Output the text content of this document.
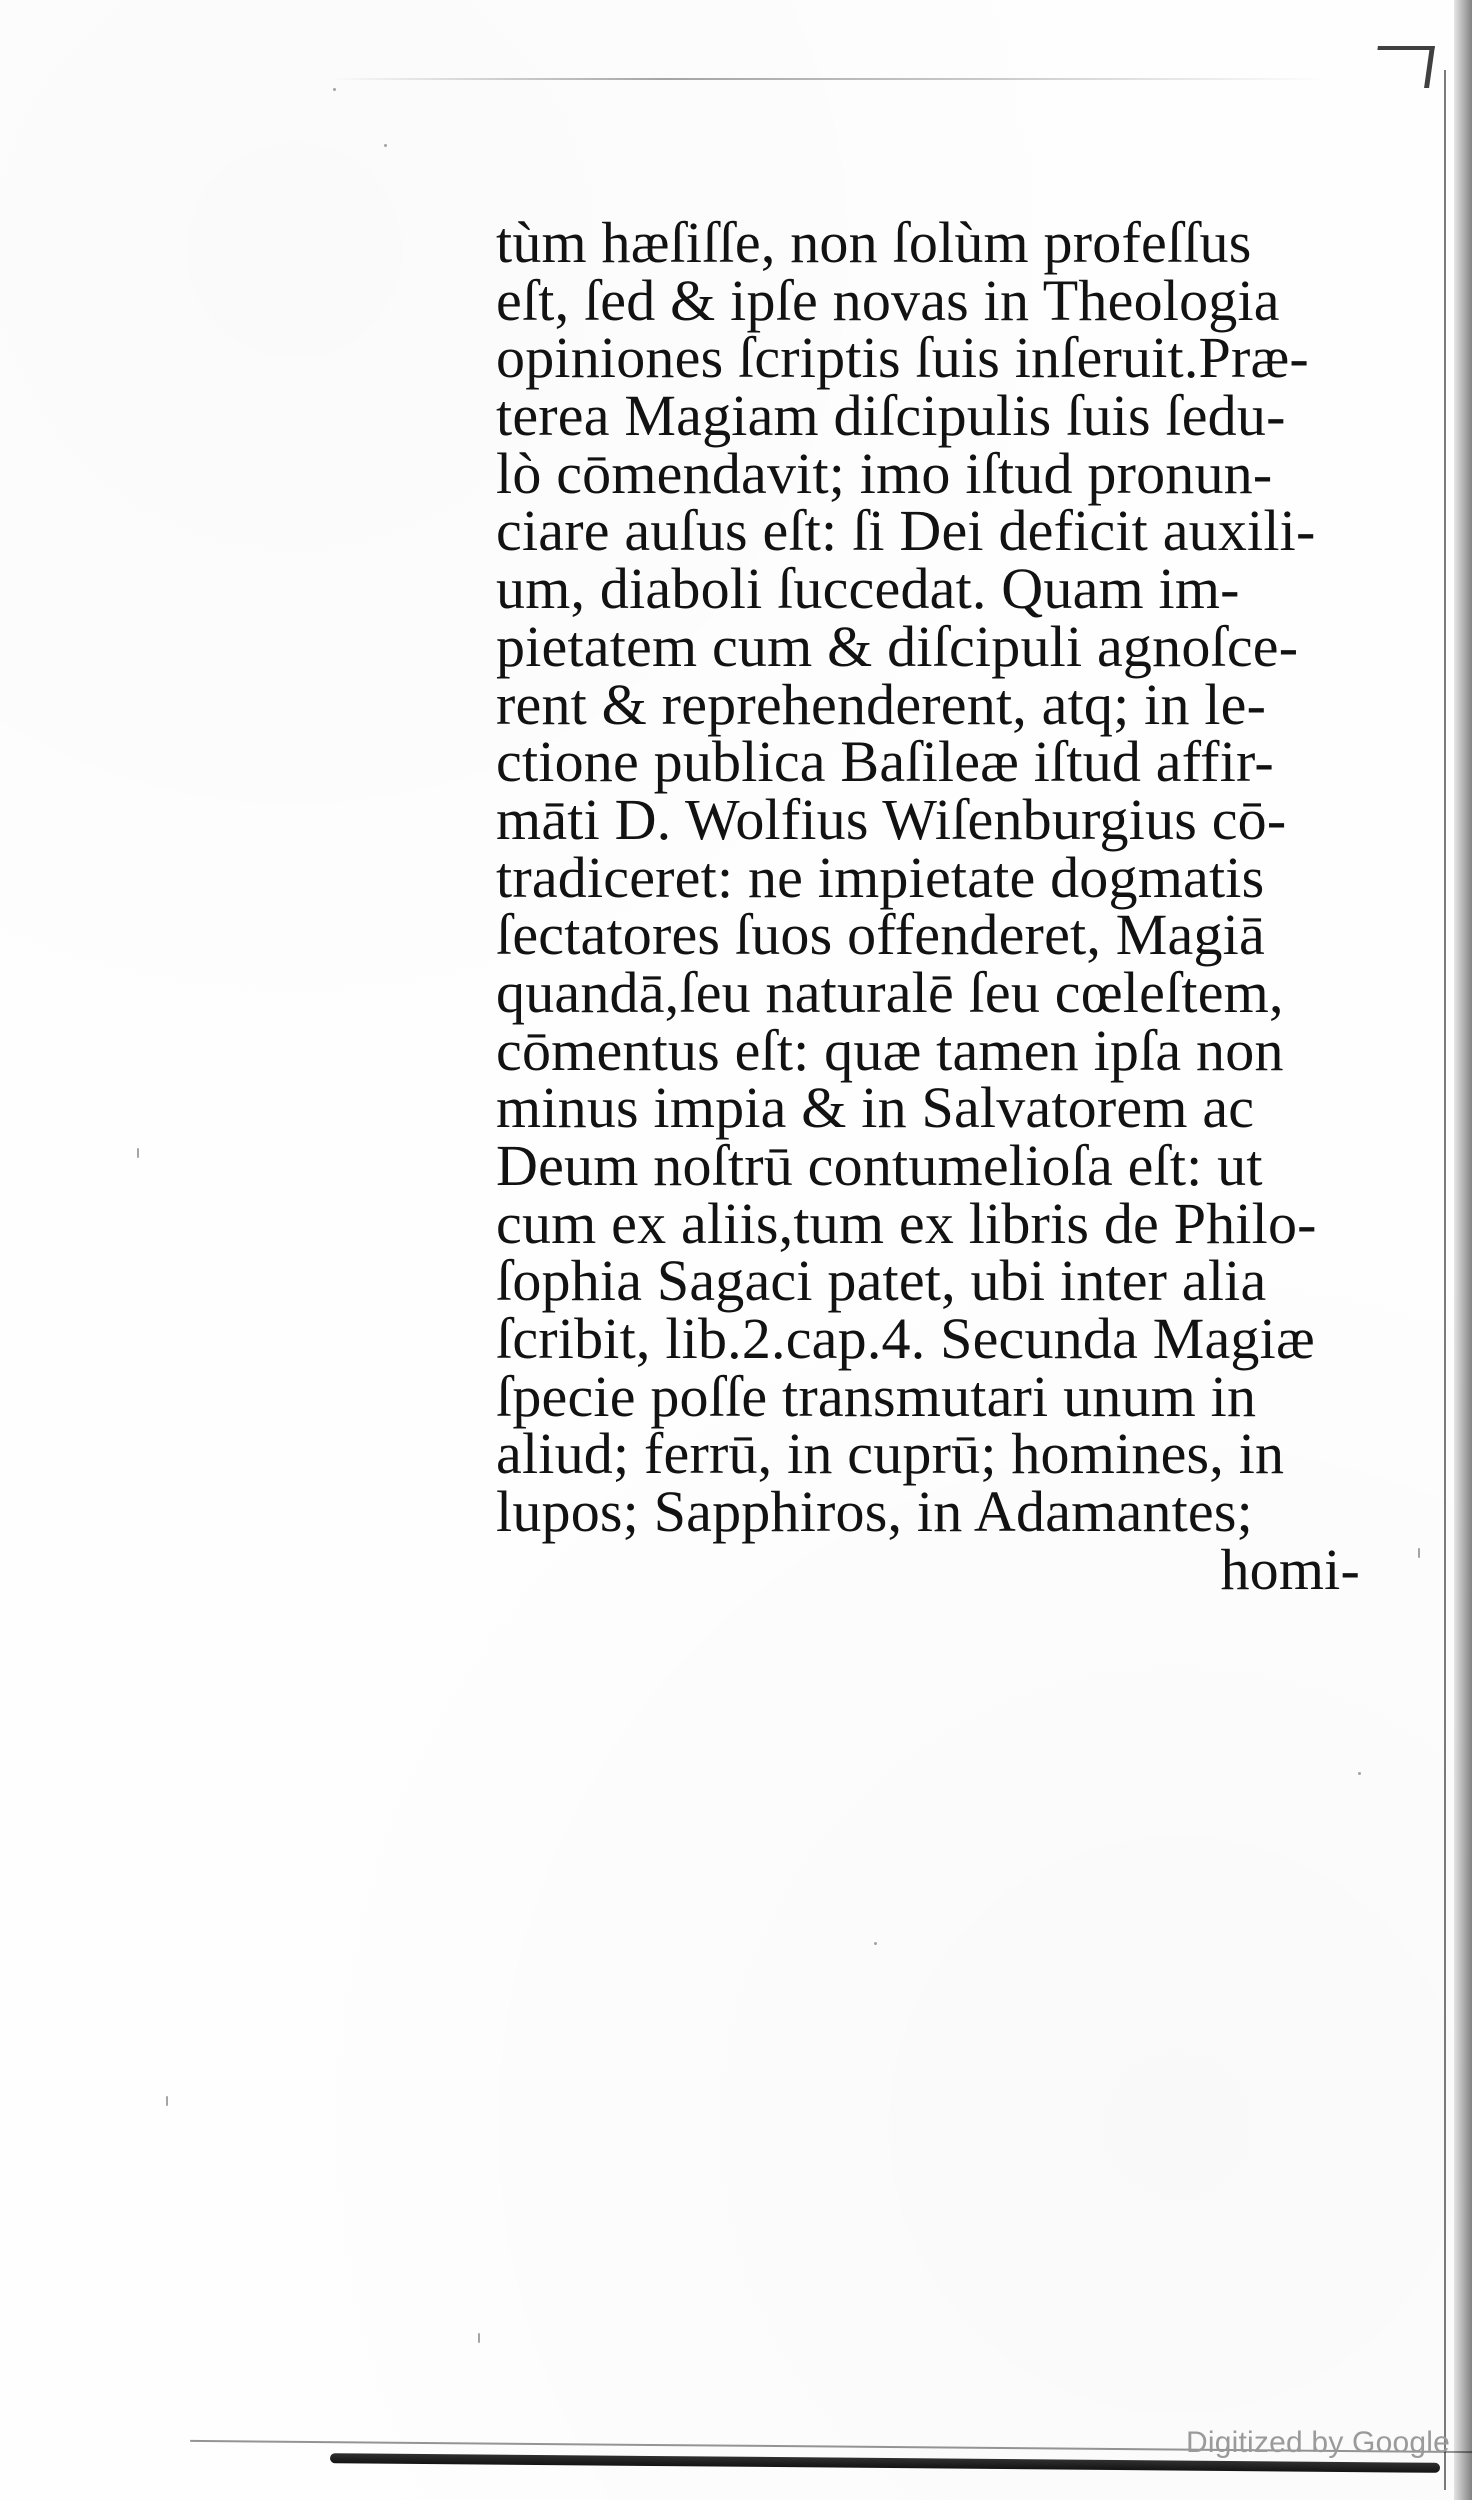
tùm hæſiſſe, non ſolùm profeſſus
eſt, ſed & ipſe novas in Theologia
opiniones ſcriptis ſuis inſeruit.Præ-
terea Magiam diſcipulis ſuis ſedu-
lò cōmendavit; imo iſtud pronun-
ciare auſus eſt: ſi Dei deficit auxili-
um, diaboli ſuccedat. Quam im-
pietatem cum & diſcipuli agnoſce-
rent & reprehenderent, atq; in le-
ctione publica Baſileæ iſtud affir-
māti D. Wolfius Wiſenburgius cō-
tradiceret: ne impietate dogmatis
ſectatores ſuos offenderet, Magiā
quandā,ſeu naturalē ſeu cœleſtem,
cōmentus eſt: quæ tamen ipſa non
minus impia & in Salvatorem ac
Deum noſtrū contumelioſa eſt: ut
cum ex aliis,tum ex libris de Philo-
ſophia Sagaci patet, ubi inter alia
ſcribit, lib.2.cap.4. Secunda Magiæ
ſpecie poſſe transmutari unum in
aliud; ferrū, in cuprū; homines, in
lupos; Sapphiros, in Adamantes;
homi-
Digitized by Google
